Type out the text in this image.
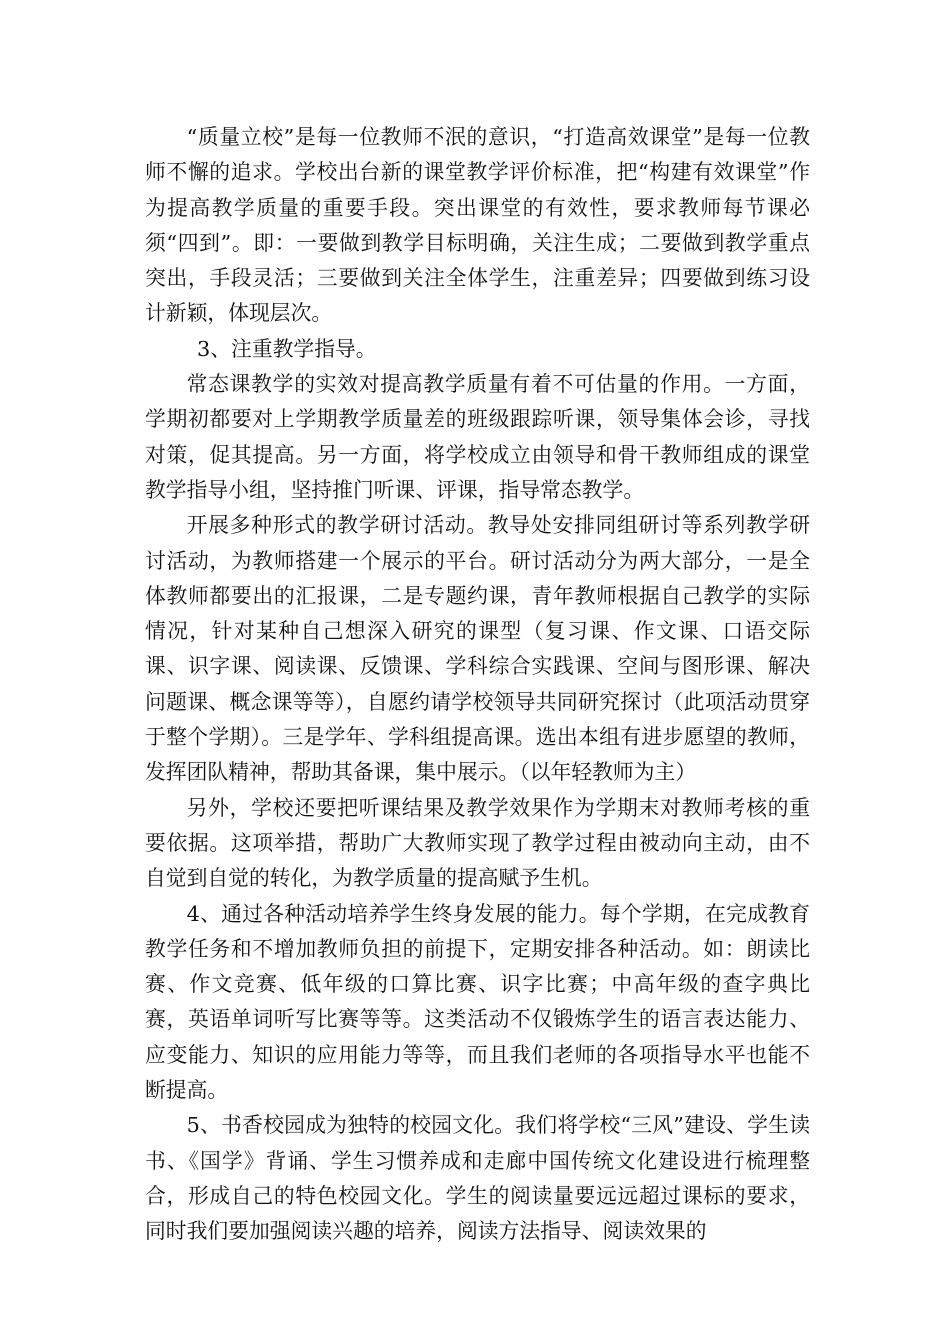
“质量立校”是每一位教师不泯的意识，“打造高效课堂”是每一位教师不懈的追求。学校出台新的课堂教学评价标准，把“构建有效课堂”作为提高教学质量的重要手段。突出课堂的有效性，要求教师每节课必须“四到”。即：一要做到教学目标明确，关注生成；二要做到教学重点突出，手段灵活；三要做到关注全体学生，注重差异；四要做到练习设计新颖，体现层次。

3、注重教学指导。

常态课教学的实效对提高教学质量有着不可估量的作用。一方面，学期初都要对上学期教学质量差的班级跟踪听课，领导集体会诊，寻找对策，促其提高。另一方面，将学校成立由领导和骨干教师组成的课堂教学指导小组，坚持推门听课、评课，指导常态教学。

开展多种形式的教学研讨活动。教导处安排同组研讨等系列教学研讨活动，为教师搭建一个展示的平台。研讨活动分为两大部分，一是全体教师都要出的汇报课，二是专题约课，青年教师根据自己教学的实际情况，针对某种自己想深入研究的课型（复习课、作文课、口语交际课、识字课、阅读课、反馈课、学科综合实践课、空间与图形课、解决问题课、概念课等等），自愿约请学校领导共同研究探讨（此项活动贯穿于整个学期）。三是学年、学科组提高课。选出本组有进步愿望的教师，发挥团队精神，帮助其备课，集中展示。（以年轻教师为主）

另外，学校还要把听课结果及教学效果作为学期末对教师考核的重要依据。这项举措，帮助广大教师实现了教学过程由被动向主动，由不自觉到自觉的转化，为教学质量的提高赋予生机。

4、通过各种活动培养学生终身发展的能力。每个学期，在完成教育教学任务和不增加教师负担的前提下，定期安排各种活动。如：朗读比赛、作文竞赛、低年级的口算比赛、识字比赛；中高年级的查字典比赛，英语单词听写比赛等等。这类活动不仅锻炼学生的语言表达能力、应变能力、知识的应用能力等等，而且我们老师的各项指导水平也能不断提高。

5、书香校园成为独特的校园文化。我们将学校“三风”建设、学生读书、《国学》背诵、学生习惯养成和走廊中国传统文化建设进行梳理整合，形成自己的特色校园文化。学生的阅读量要远远超过课标的要求，同时我们要加强阅读兴趣的培养，阅读方法指导、阅读效果的
